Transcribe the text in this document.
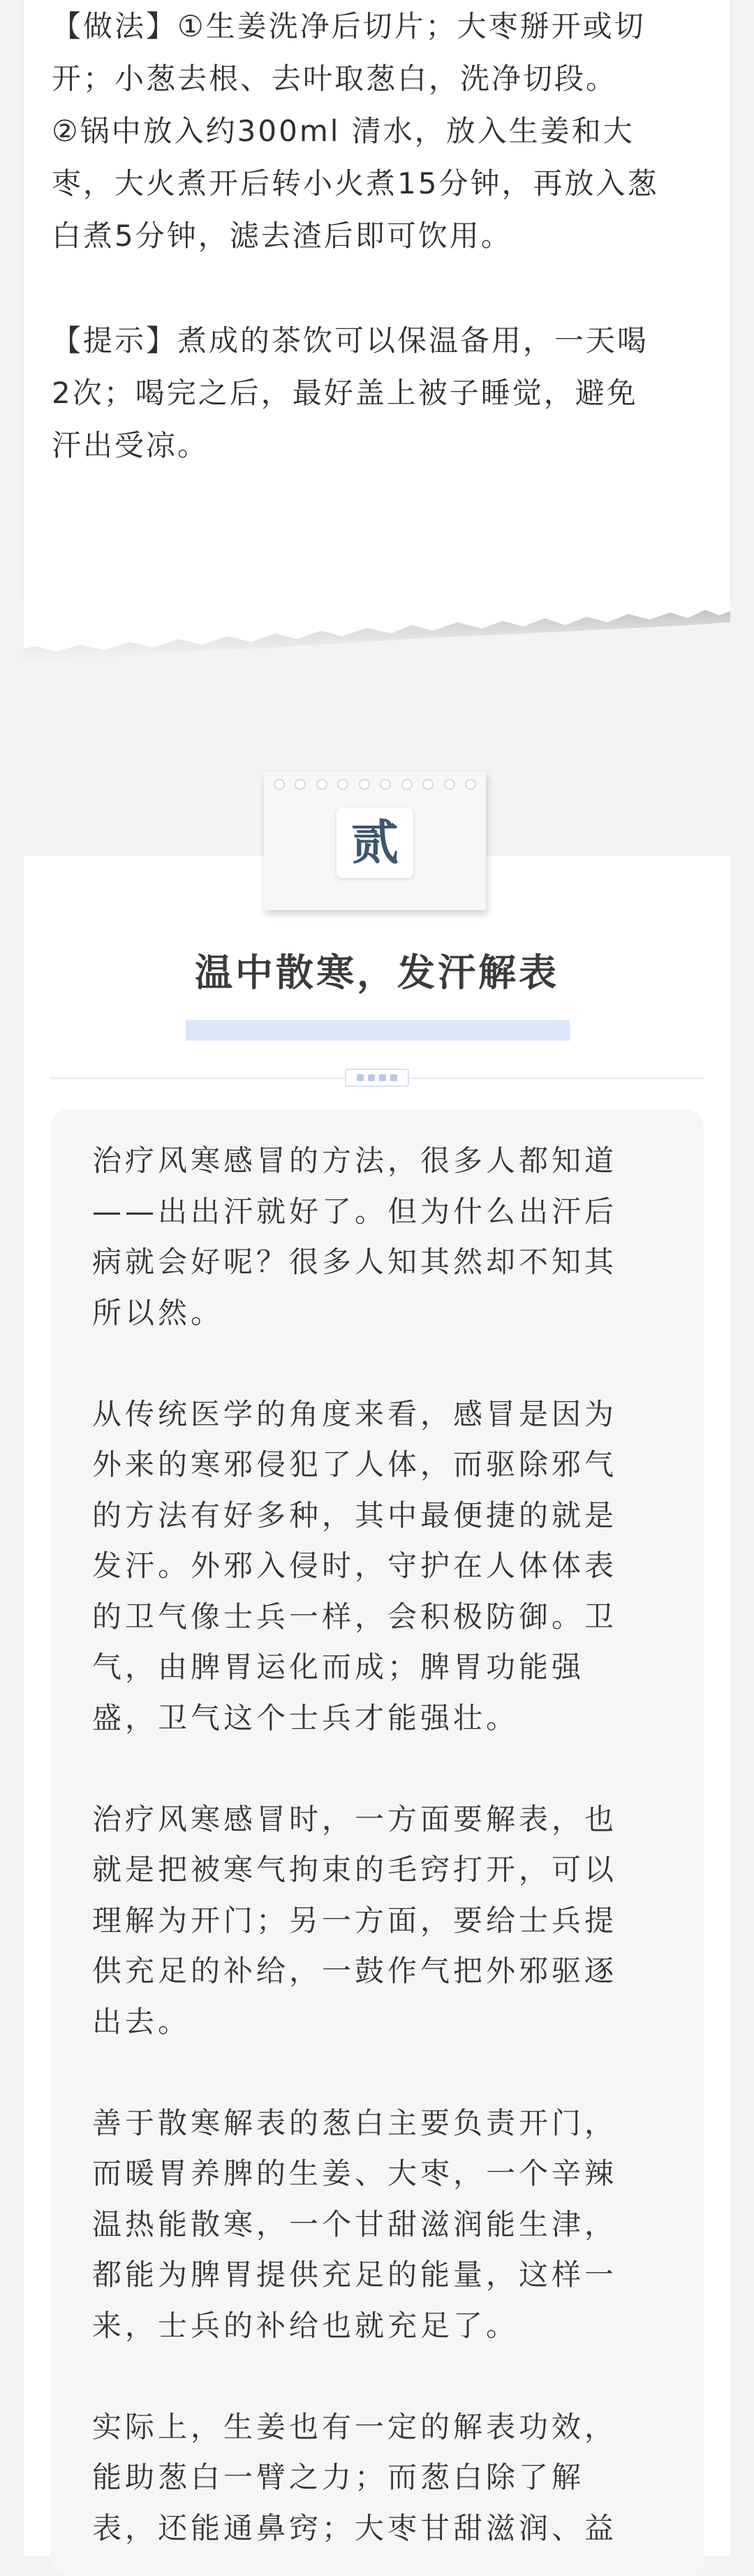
【做法】①生姜洗净后切片；大枣掰开或切

开；小葱去根、去叶取葱白，洗净切段。

②锅中放入约300ml 清水，放入生姜和大

枣，大火煮开后转小火煮15分钟，再放入葱

白煮5分钟，滤去渣后即可饮用。

【提示】煮成的茶饮可以保温备用，一天喝

2次；喝完之后，最好盖上被子睡觉，避免

汗出受凉。

贰
温中散寒，发汗解表

治疗风寒感冒的方法，很多人都知道

——出出汗就好了。但为什么出汗后

病就会好呢？很多人知其然却不知其

所以然。

从传统医学的角度来看，感冒是因为

外来的寒邪侵犯了人体，而驱除邪气

的方法有好多种，其中最便捷的就是

发汗。外邪入侵时，守护在人体体表

的卫气像士兵一样，会积极防御。卫

气，由脾胃运化而成；脾胃功能强

盛，卫气这个士兵才能强壮。

治疗风寒感冒时，一方面要解表，也

就是把被寒气拘束的毛窍打开，可以

理解为开门；另一方面，要给士兵提

供充足的补给，一鼓作气把外邪驱逐

出去。

善于散寒解表的葱白主要负责开门，

而暖胃养脾的生姜、大枣，一个辛辣

温热能散寒，一个甘甜滋润能生津，

都能为脾胃提供充足的能量，这样一

来，士兵的补给也就充足了。

实际上，生姜也有一定的解表功效，

能助葱白一臂之力；而葱白除了解

表，还能通鼻窍；大枣甘甜滋润、益
